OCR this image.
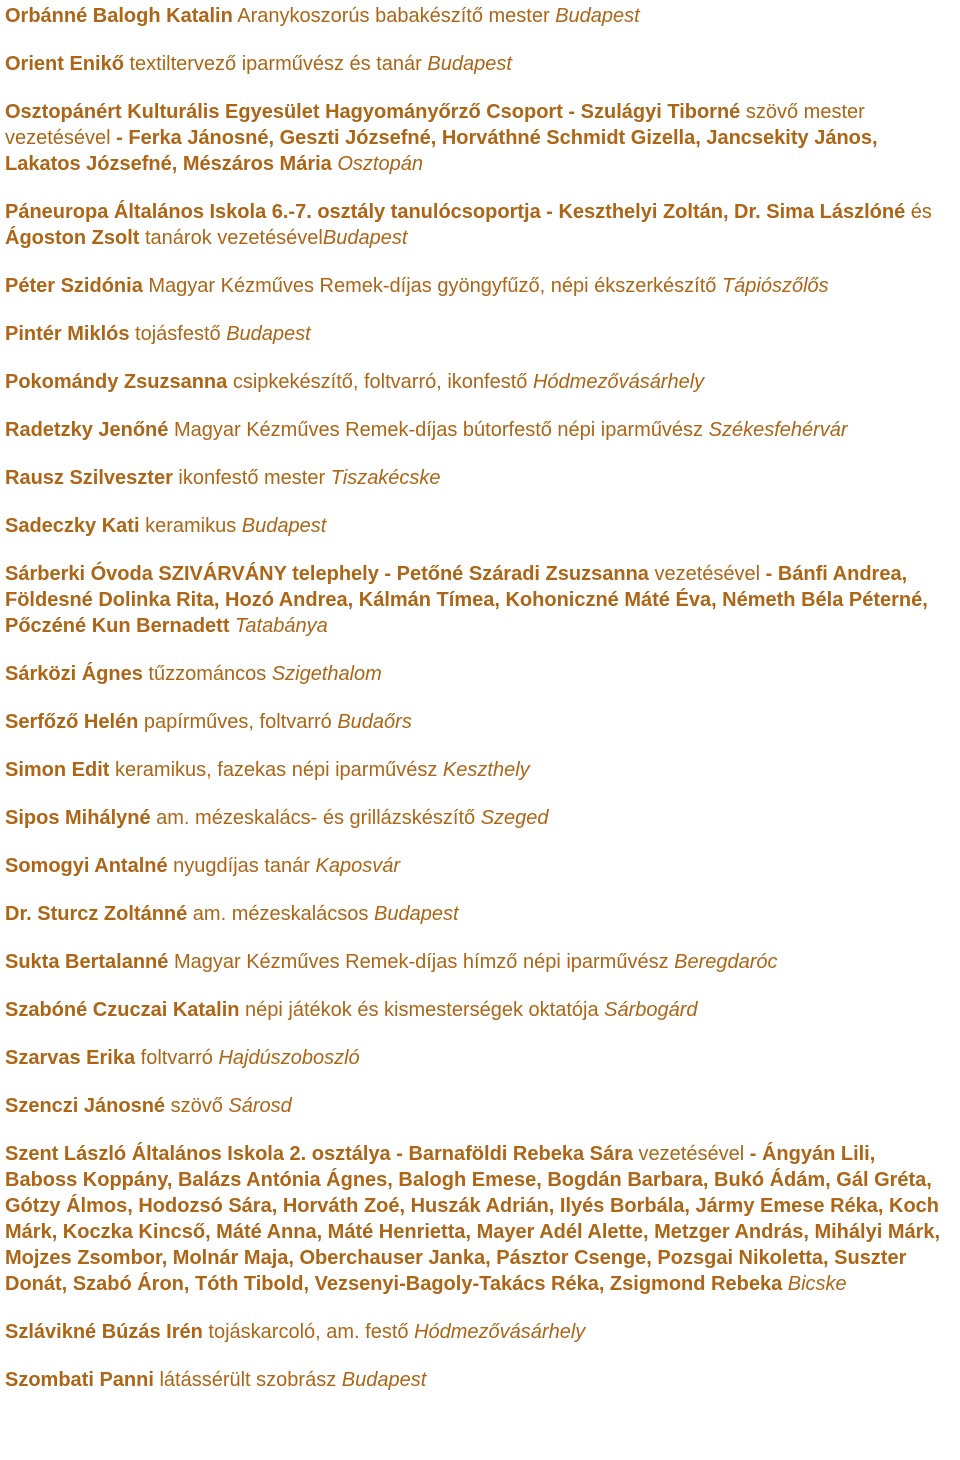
Orbánné Balogh Katalin Aranykoszorús babakészítő mester Budapest
Orient Enikő textiltervező iparművész és tanár Budapest
Osztopánért Kulturális Egyesület Hagyományőrző Csoport - Szulágyi Tiborné szövő mester vezetésével - Ferka Jánosné, Geszti Józsefné, Horváthné Schmidt Gizella, Jancsekity János, Lakatos Józsefné, Mészáros Mária Osztopán
Páneuropa Általános Iskola 6.-7. osztály tanulócsoportja - Keszthelyi Zoltán, Dr. Sima Lászlóné és Ágoston Zsolt tanárok vezetésévelBudapest
Péter Szidónia Magyar Kézműves Remek-díjas gyöngyfűző, népi ékszerkészítő Tápiószőlős
Pintér Miklós tojásfestő Budapest
Pokomándy Zsuzsanna csipkekészítő, foltvarró, ikonfestő Hódmezővásárhely
Radetzky Jenőné Magyar Kézműves Remek-díjas bútorfestő népi iparművész Székesfehérvár
Rausz Szilveszter ikonfestő mester Tiszakécske
Sadeczky Kati keramikus Budapest
Sárberki Óvoda SZIVÁRVÁNY telephely - Petőné Száradi Zsuzsanna vezetésével - Bánfi Andrea, Földesné Dolinka Rita, Hozó Andrea, Kálmán Tímea, Kohoniczné Máté Éva, Németh Béla Péterné, Pőczéné Kun Bernadett Tatabánya
Sárközi Ágnes tűzzománcos Szigethalom
Serfőző Helén papírműves, foltvarró Budaőrs
Simon Edit keramikus, fazekas népi iparművész Keszthely
Sipos Mihályné am. mézeskalács- és grillázskészítő Szeged
Somogyi Antalné nyugdíjas tanár Kaposvár
Dr. Sturcz Zoltánné am. mézeskalácsos Budapest
Sukta Bertalanné Magyar Kézműves Remek-díjas hímző népi iparművész Beregdaróc
Szabóné Czuczai Katalin népi játékok és kismesterségek oktatója Sárbogárd
Szarvas Erika foltvarró Hajdúszoboszló
Szenczi Jánosné szövő Sárosd
Szent László Általános Iskola 2. osztálya - Barnaföldi Rebeka Sára vezetésével - Ángyán Lili, Baboss Koppány, Balázs Antónia Ágnes, Balogh Emese, Bogdán Barbara, Bukó Ádám, Gál Gréta, Gótzy Álmos, Hodozsó Sára, Horváth Zoé, Huszák Adrián, Ilyés Borbála, Jármy Emese Réka, Koch Márk, Koczka Kincső, Máté Anna, Máté Henrietta, Mayer Adél Alette, Metzger András, Mihályi Márk, Mojzes Zsombor, Molnár Maja, Oberchauser Janka, Pásztor Csenge, Pozsgai Nikoletta, Suszter Donát, Szabó Áron, Tóth Tibold, Vezsenyi-Bagoly-Takács Réka, Zsigmond Rebeka Bicske
Szlávikné Búzás Irén tojáskarcoló, am. festő Hódmezővásárhely
Szombati Panni látássérült szobrász Budapest
